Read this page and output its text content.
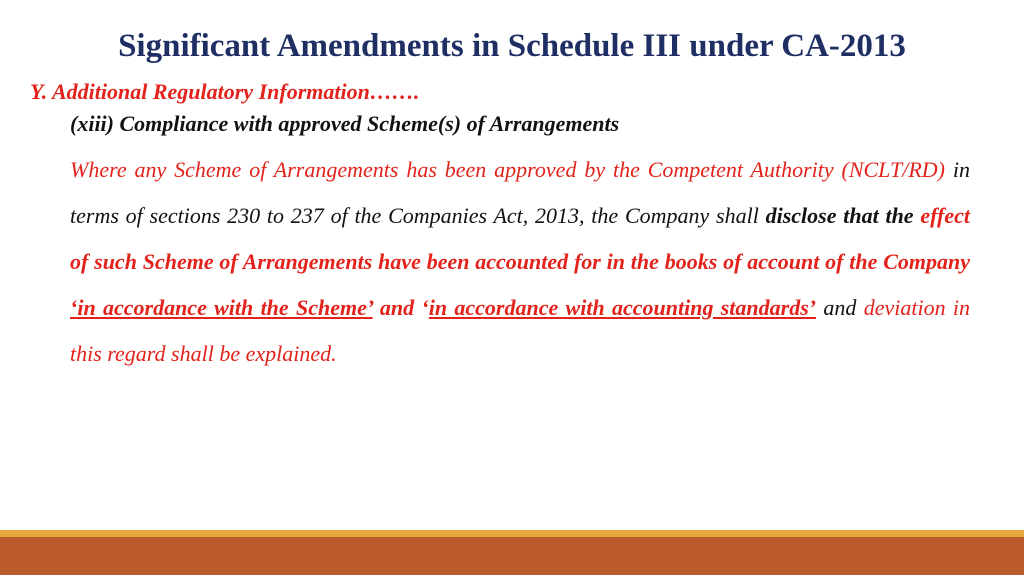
Significant Amendments in Schedule III under CA-2013
Y. Additional Regulatory Information…….
(xiii) Compliance with approved Scheme(s) of Arrangements
Where any Scheme of Arrangements has been approved by the Competent Authority (NCLT/RD) in terms of sections 230 to 237 of the Companies Act, 2013, the Company shall disclose that the effect of such Scheme of Arrangements have been accounted for in the books of account of the Company ‘in accordance with the Scheme’ and ‘in accordance with accounting standards’ and deviation in this regard shall be explained.
